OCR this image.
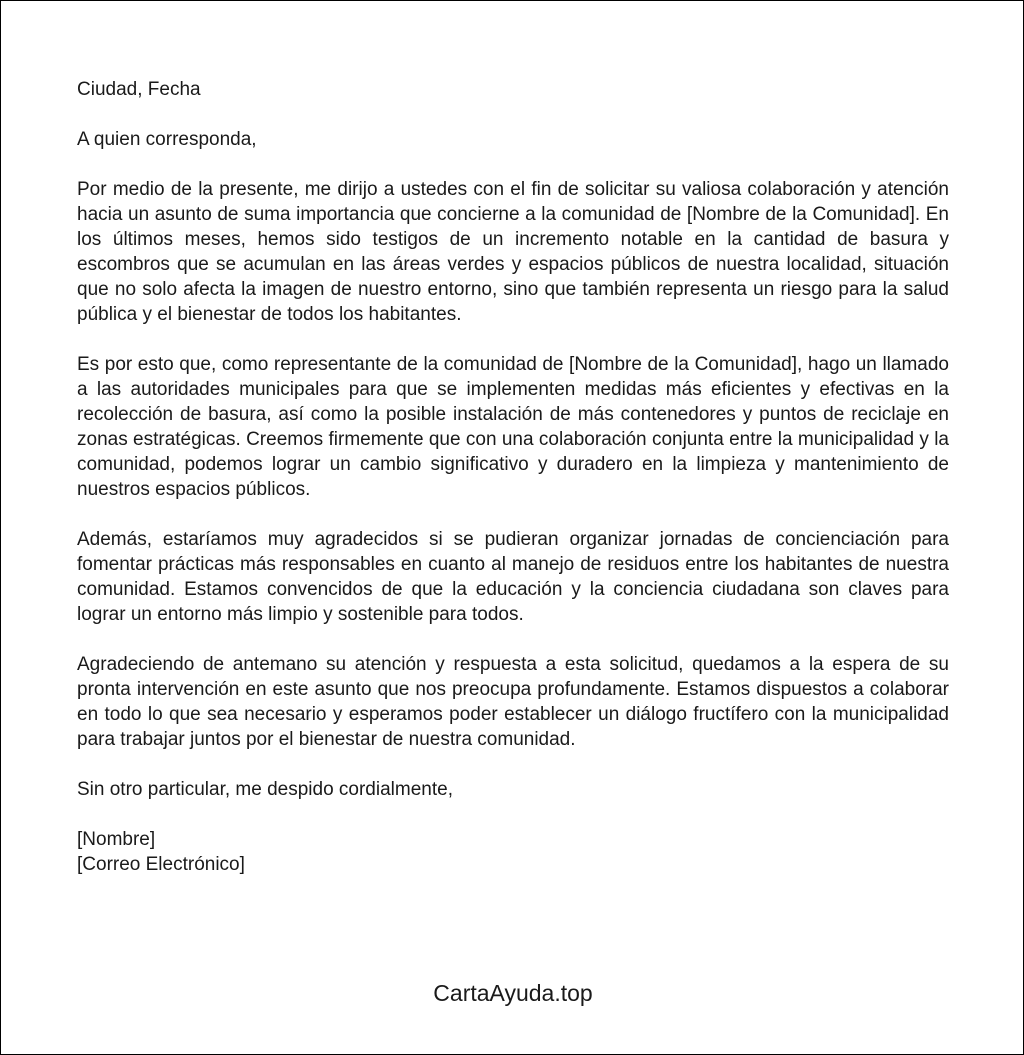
Ciudad, Fecha

A quien corresponda,

Por medio de la presente, me dirijo a ustedes con el fin de solicitar su valiosa colaboración y atención hacia un asunto de suma importancia que concierne a la comunidad de [Nombre de la Comunidad]. En los últimos meses, hemos sido testigos de un incremento notable en la cantidad de basura y escombros que se acumulan en las áreas verdes y espacios públicos de nuestra localidad, situación que no solo afecta la imagen de nuestro entorno, sino que también representa un riesgo para la salud pública y el bienestar de todos los habitantes.

Es por esto que, como representante de la comunidad de [Nombre de la Comunidad], hago un llamado a las autoridades municipales para que se implementen medidas más eficientes y efectivas en la recolección de basura, así como la posible instalación de más contenedores y puntos de reciclaje en zonas estratégicas. Creemos firmemente que con una colaboración conjunta entre la municipalidad y la comunidad, podemos lograr un cambio significativo y duradero en la limpieza y mantenimiento de nuestros espacios públicos.

Además, estaríamos muy agradecidos si se pudieran organizar jornadas de concienciación para fomentar prácticas más responsables en cuanto al manejo de residuos entre los habitantes de nuestra comunidad. Estamos convencidos de que la educación y la conciencia ciudadana son claves para lograr un entorno más limpio y sostenible para todos.

Agradeciendo de antemano su atención y respuesta a esta solicitud, quedamos a la espera de su pronta intervención en este asunto que nos preocupa profundamente. Estamos dispuestos a colaborar en todo lo que sea necesario y esperamos poder establecer un diálogo fructífero con la municipalidad para trabajar juntos por el bienestar de nuestra comunidad.

Sin otro particular, me despido cordialmente,

[Nombre]

[Correo Electrónico]

CartaAyuda.top
